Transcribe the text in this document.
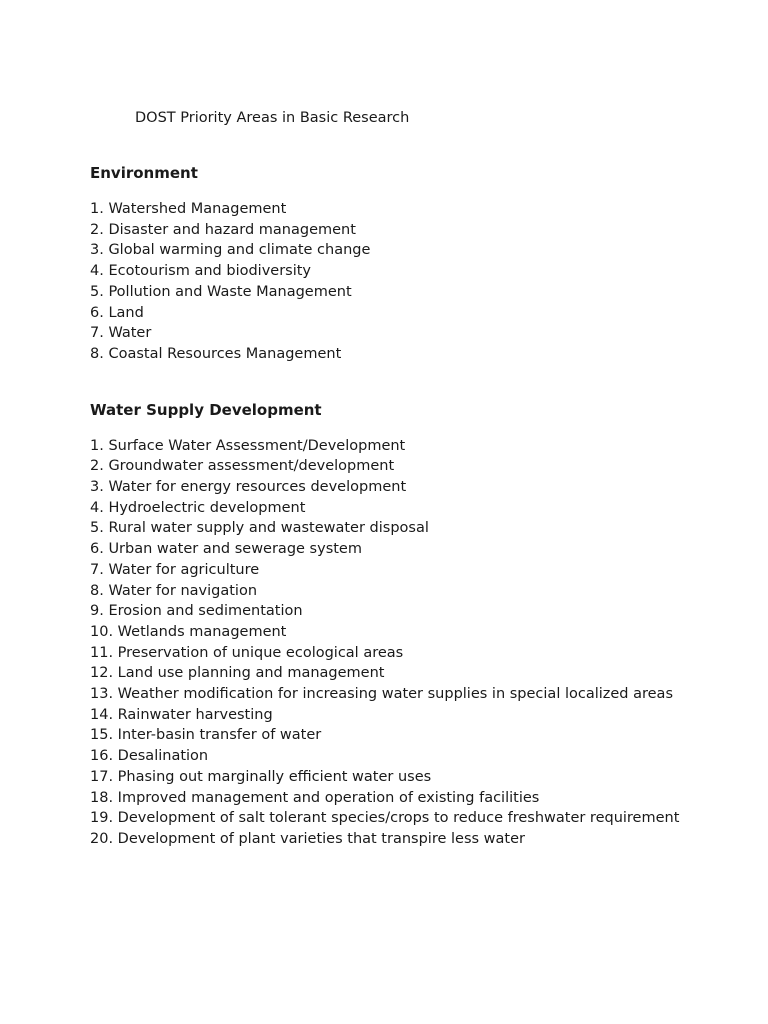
DOST Priority Areas in Basic Research

Environment
1. Watershed Management
2. Disaster and hazard management
3. Global warming and climate change
4. Ecotourism and biodiversity
5. Pollution and Waste Management
6. Land
7. Water
8. Coastal Resources Management
Water Supply Development
1. Surface Water Assessment/Development
2. Groundwater assessment/development
3. Water for energy resources development
4. Hydroelectric development
5. Rural water supply and wastewater disposal
6. Urban water and sewerage system
7. Water for agriculture
8. Water for navigation
9. Erosion and sedimentation
10. Wetlands management
11. Preservation of unique ecological areas
12. Land use planning and management
13. Weather modification for increasing water supplies in special localized areas
14. Rainwater harvesting
15. Inter-basin transfer of water
16. Desalination
17. Phasing out marginally efficient water uses
18. Improved management and operation of existing facilities
19. Development of salt tolerant species/crops to reduce freshwater requirement
20. Development of plant varieties that transpire less water
